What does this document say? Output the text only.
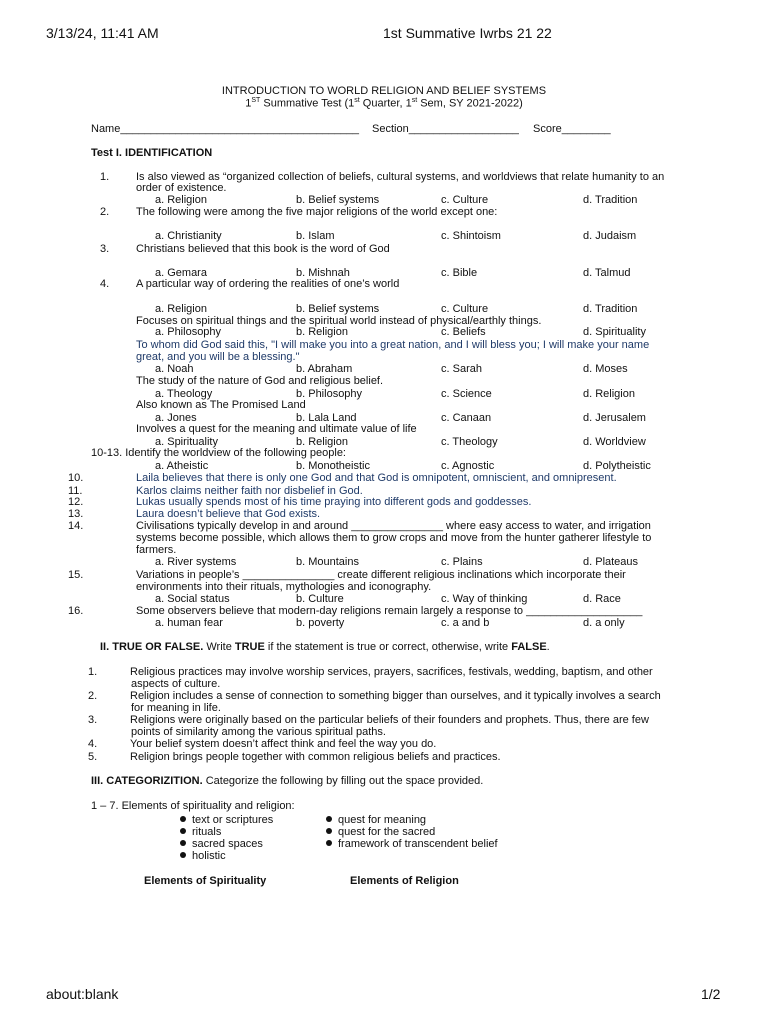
3/13/24, 11:41 AM	1st Summative Iwrbs 21 22
INTRODUCTION TO WORLD RELIGION AND BELIEF SYSTEMS
1ST Summative Test (1st Quarter, 1st Sem, SY 2021-2022)
Name_______________________________________ Section__________________ Score________
Test I. IDENTIFICATION
1. Is also viewed as “organized collection of beliefs, cultural systems, and worldviews that relate humanity to an
order of existence.
a. Religion	b. Belief systems	c. Culture	d. Tradition
2. The following were among the five major religions of the world except one:
a. Christianity	b. Islam	c. Shintoism	d. Judaism
3. Christians believed that this book is the word of God
a. Gemara	b. Mishnah	c. Bible	d. Talmud
4. A particular way of ordering the realities of one’s world
a. Religion	b. Belief systems	c. Culture	d. Tradition
Focuses on spiritual things and the spiritual world instead of physical/earthly things.
a. Philosophy	b. Religion	c. Beliefs	d. Spirituality
To whom did God said this, "I will make you into a great nation, and I will bless you; I will make your name
great, and you will be a blessing."
a. Noah	b. Abraham	c. Sarah	d. Moses
The study of the nature of God and religious belief.
a. Theology	b. Philosophy	c. Science	d. Religion
Also known as The Promised Land
a. Jones	b. Lala Land	c. Canaan	d. Jerusalem
Involves a quest for the meaning and ultimate value of life
a. Spirituality	b. Religion	c. Theology	d. Worldview
10-13. Identify the worldview of the following people:
a. Atheistic	b. Monotheistic	c. Agnostic	d. Polytheistic
10.	Laila believes that there is only one God and that God is omnipotent, omniscient, and omnipresent.
11.	Karlos claims neither faith nor disbelief in God.
12.	Lukas usually spends most of his time praying into different gods and goddesses.
13.	Laura doesn’t believe that God exists.
14.	Civilisations typically develop in and around _______________ where easy access to water, and irrigation
systems become possible, which allows them to grow crops and move from the hunter gatherer lifestyle to
farmers.
a. River systems	b. Mountains	c. Plains	d. Plateaus
15.	Variations in people’s _______________ create different religious inclinations which incorporate their
environments into their rituals, mythologies and iconography.
a. Social status	b. Culture	c. Way of thinking	d. Race
16.	Some observers believe that modern-day religions remain largely a response to ___________________
a. human fear	b. poverty	c. a and b	d. a only
II. TRUE OR FALSE. Write TRUE if the statement is true or correct, otherwise, write FALSE.
1.	Religious practices may involve worship services, prayers, sacrifices, festivals, wedding, baptism, and other
aspects of culture.
2.	Religion includes a sense of connection to something bigger than ourselves, and it typically involves a search
for meaning in life.
3.	Religions were originally based on the particular beliefs of their founders and prophets. Thus, there are few
points of similarity among the various spiritual paths.
4.	Your belief system doesn’t affect think and feel the way you do.
5.	Religion brings people together with common religious beliefs and practices.
III. CATEGORIZITION. Categorize the following by filling out the space provided.
1 – 7. Elements of spirituality and religion:
text or scriptures
rituals
sacred spaces
holistic
quest for meaning
quest for the sacred
framework of transcendent belief
Elements of Spirituality	Elements of Religion
about:blank	1/2
